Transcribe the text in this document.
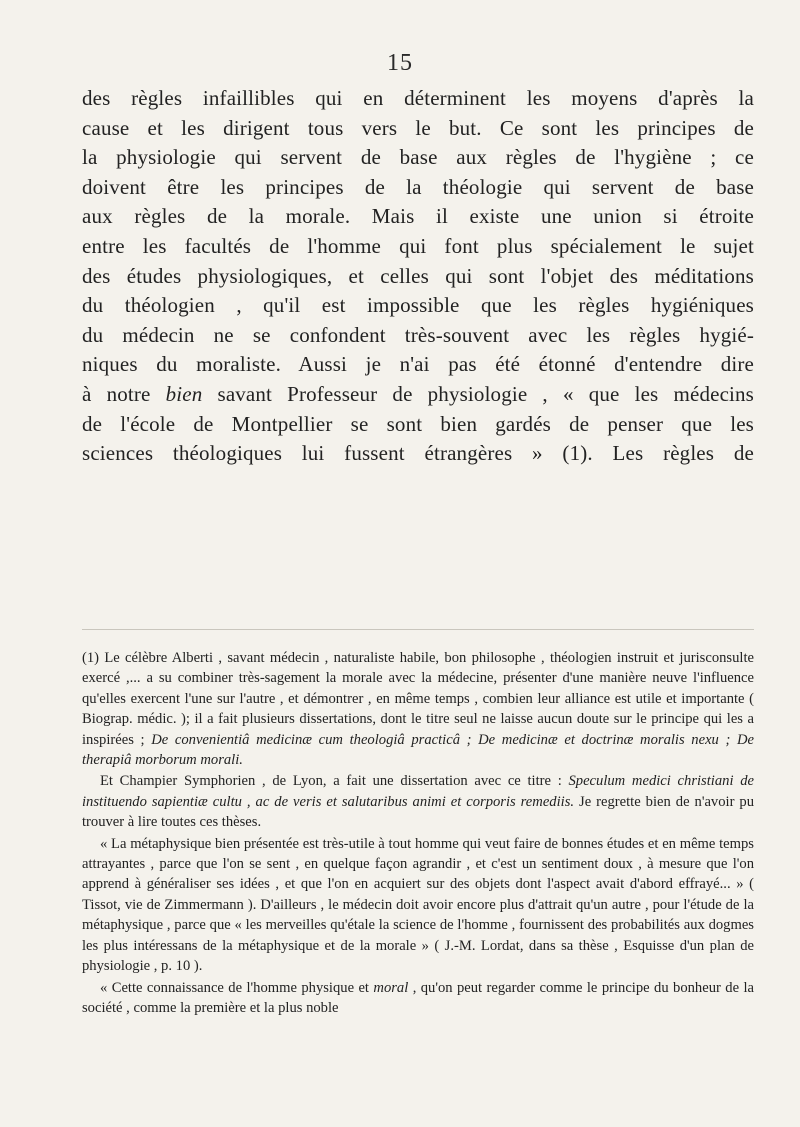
15
des règles infaillibles qui en déterminent les moyens d'après la
cause et les dirigent tous vers le but. Ce sont les principes de
la physiologie qui servent de base aux règles de l'hygiène ; ce
doivent être les principes de la théologie qui servent de base
aux règles de la morale. Mais il existe une union si étroite
entre les facultés de l'homme qui font plus spécialement le sujet
des études physiologiques, et celles qui sont l'objet des méditations
du théologien , qu'il est impossible que les règles hygiéniques
du médecin ne se confondent très-souvent avec les règles hygié-
niques du moraliste. Aussi je n'ai pas été étonné d'entendre dire
à notre bien savant Professeur de physiologie , « que les médecins
de l'école de Montpellier se sont bien gardés de penser que les
sciences théologiques lui fussent étrangères » (1). Les règles de

(1) Le célèbre Alberti , savant médecin , naturaliste habile, bon philosophe , théologien instruit et jurisconsulte exercé ,... a su combiner très-sagement la morale avec la médecine, présenter d'une manière neuve l'influence qu'elles exercent l'une sur l'autre , et démontrer , en même temps , combien leur alliance est utile et importante ( Biograp. médic. ); il a fait plusieurs dissertations, dont le titre seul ne laisse aucun doute sur le principe qui les a inspirées ; De convenientiâ medicinæ cum theologiâ practicâ ; De medicinæ et doctrinæ moralis nexu ; De therapiâ morborum morali.

Et Champier Symphorien , de Lyon, a fait une dissertation avec ce titre : Speculum medici christiani de instituendo sapientiæ cultu , ac de veris et salutaribus animi et corporis remediis. Je regrette bien de n'avoir pu trouver à lire toutes ces thèses.

« La métaphysique bien présentée est très-utile à tout homme qui veut faire de bonnes études et en même temps attrayantes , parce que l'on se sent , en quelque façon agrandir , et c'est un sentiment doux , à mesure que l'on apprend à généraliser ses idées , et que l'on en acquiert sur des objets dont l'aspect avait d'abord effrayé... » ( Tissot, vie de Zimmermann ). D'ailleurs , le médecin doit avoir encore plus d'attrait qu'un autre , pour l'étude de la métaphysique , parce que « les merveilles qu'étale la science de l'homme , fournissent des probabilités aux dogmes les plus intéressans de la métaphysique et de la morale » ( J.-M. Lordat, dans sa thèse , Esquisse d'un plan de physiologie , p. 10 ).

« Cette connaissance de l'homme physique et moral , qu'on peut regarder comme le principe du bonheur de la société , comme la première et la plus noble
